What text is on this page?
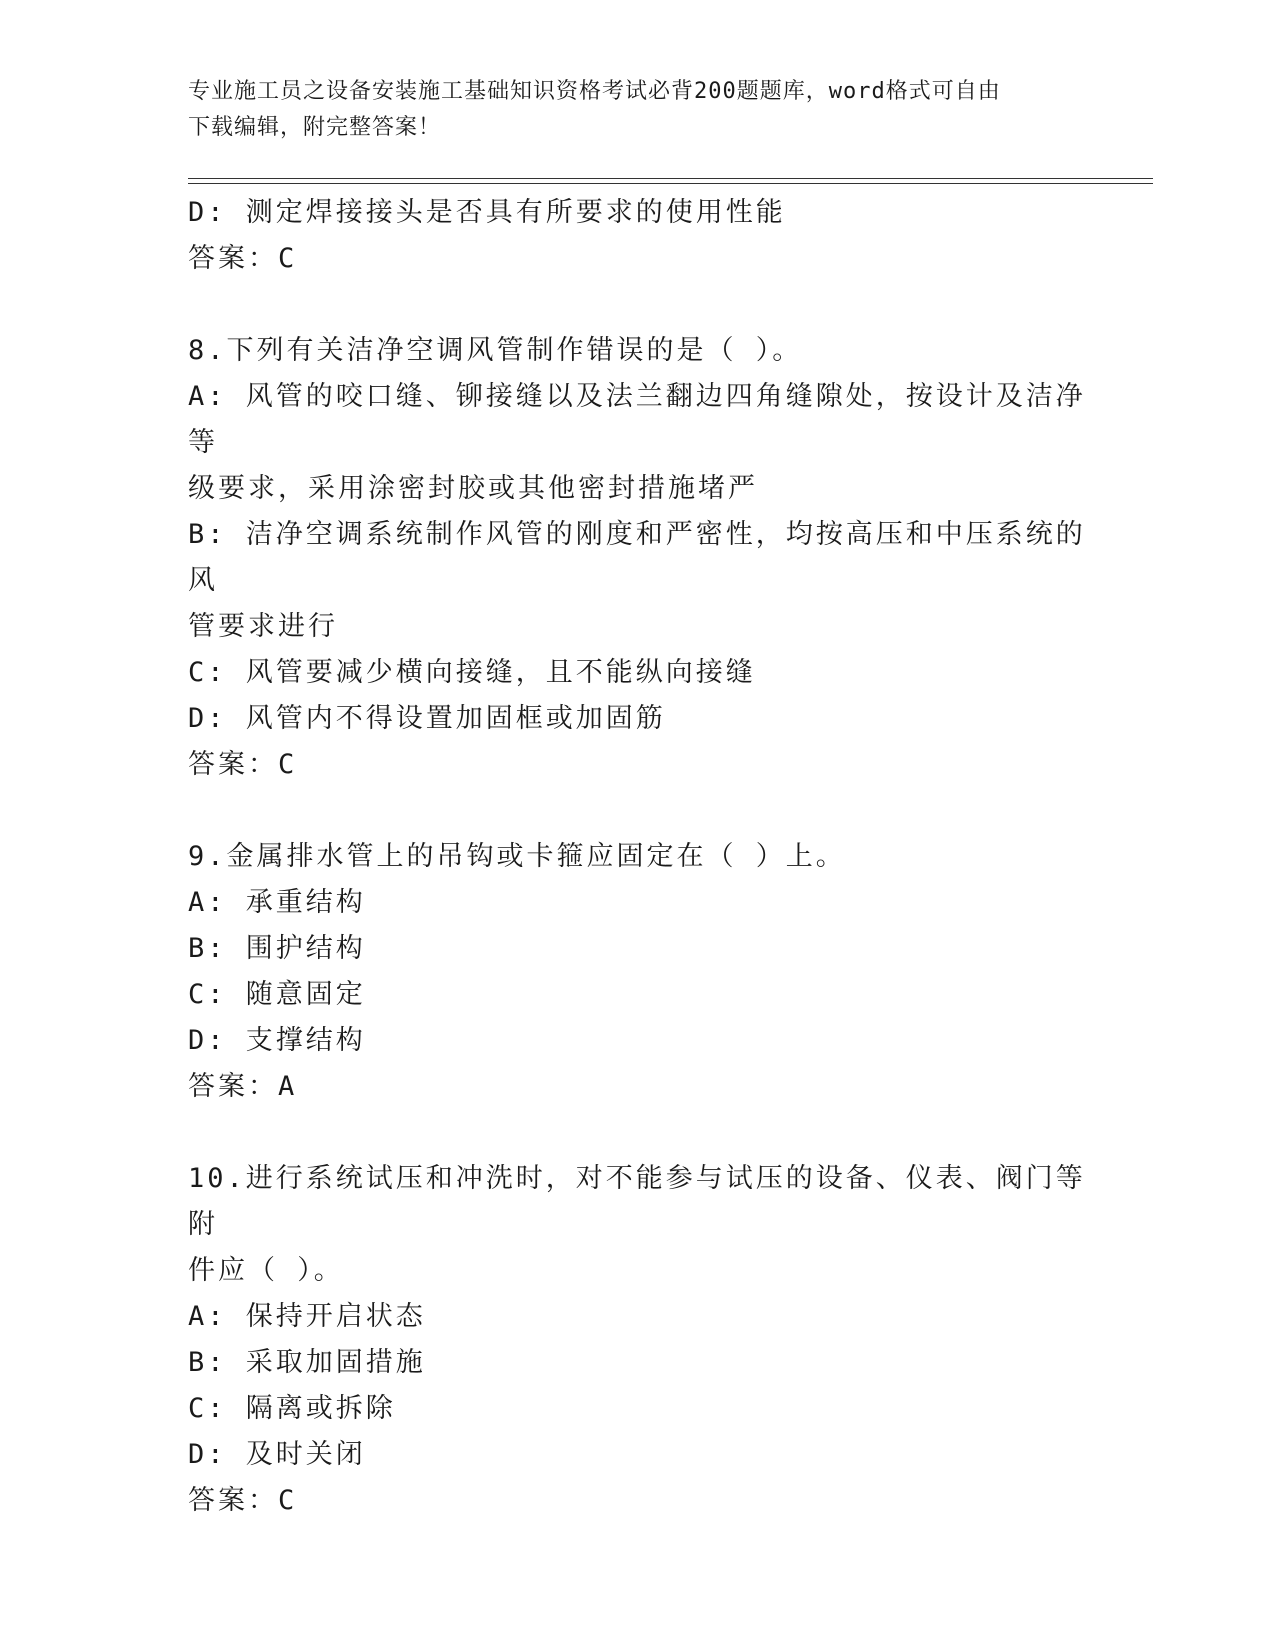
专业施工员之设备安装施工基础知识资格考试必背200题题库，word格式可自由
下载编辑，附完整答案！
D: 测定焊接接头是否具有所要求的使用性能
答案：C
8.下列有关洁净空调风管制作错误的是（ ）。
A: 风管的咬口缝、铆接缝以及法兰翻边四角缝隙处，按设计及洁净等
级要求，采用涂密封胶或其他密封措施堵严
B: 洁净空调系统制作风管的刚度和严密性，均按高压和中压系统的风
管要求进行
C: 风管要减少横向接缝，且不能纵向接缝
D: 风管内不得设置加固框或加固筋
答案：C
9.金属排水管上的吊钩或卡箍应固定在（ ）上。
A: 承重结构
B: 围护结构
C: 随意固定
D: 支撑结构
答案：A
10.进行系统试压和冲洗时，对不能参与试压的设备、仪表、阀门等附
件应（ ）。
A: 保持开启状态
B: 采取加固措施
C: 隔离或拆除
D: 及时关闭
答案：C
